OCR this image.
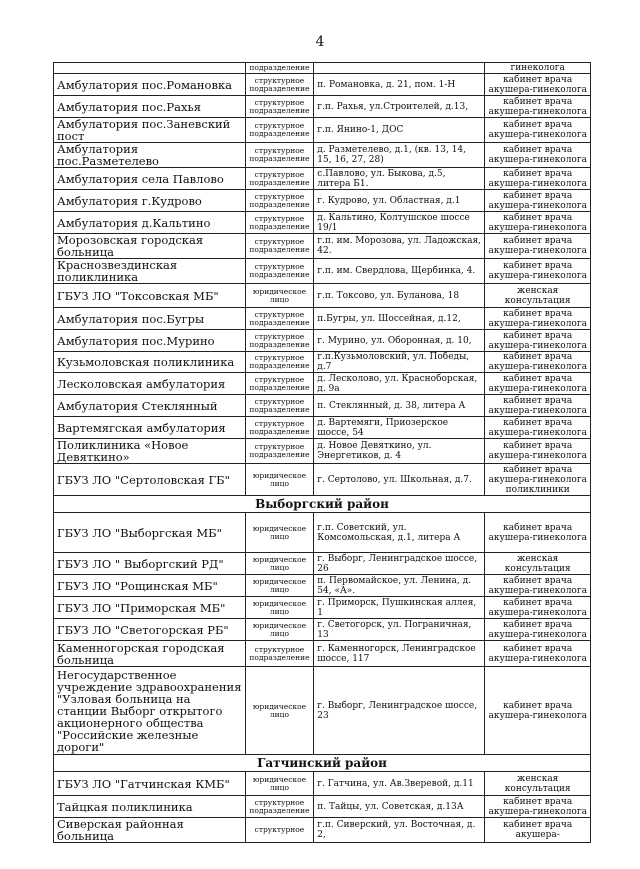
4
	подразделение		гинеколога
Амбулатория пос.Романовка	структурное подразделение	п. Романовка, д. 21, пом. 1-Н	кабинет врача акушера-гинеколога
Амбулатория пос.Рахья	структурное подразделение	г.п. Рахья, ул.Строителей, д.13,	кабинет врача акушера-гинеколога
Амбулатория пос.Заневский пост	структурное подразделение	г.п. Янино-1, ДОС	кабинет врача акушера-гинеколога
Амбулатория пос.Разметелево	структурное подразделение	д. Разметелево, д.1, (кв. 13, 14, 15, 16, 27, 28)	кабинет врача акушера-гинеколога
Амбулатория села Павлово	структурное подразделение	с.Павлово, ул. Быкова, д.5, литера Б1.	кабинет врача акушера-гинеколога
Амбулатория г.Кудрово	структурное подразделение	г. Кудрово, ул. Областная, д.1	кабинет врача акушера-гинеколога
Амбулатория д.Кальтино	структурное подразделение	д. Кальтино, Колтушское шоссе 19/1	кабинет врача акушера-гинеколога
Морозовская городская больница	структурное подразделение	г.п. им. Морозова, ул. Ладожская, 42.	кабинет врача акушера-гинеколога
Краснозвездинская поликлиника	структурное подразделение	г.п. им. Свердлова, Щербинка, 4.	кабинет врача акушера-гинеколога
ГБУЗ ЛО "Токсовская МБ"	юридическое лицо	г.п. Токсово, ул. Буланова, 18	женская консультация
Амбулатория пос.Бугры	структурное подразделение	п.Бугры, ул. Шоссейная, д.12,	кабинет врача акушера-гинеколога
Амбулатория пос.Мурино	структурное подразделение	г. Мурино, ул. Оборонная, д. 10,	кабинет врача акушера-гинеколога
Кузьмоловская поликлиника	структурное подразделение	г.п.Кузьмоловский, ул. Победы, д.7	кабинет врача акушера-гинеколога
Лесколовская амбулатория	структурное подразделение	д. Лесколово, ул. Красноборская, д. 9а	кабинет врача акушера-гинеколога
Амбулатория Стеклянный	структурное подразделение	п. Стеклянный, д. 38, литера А	кабинет врача акушера-гинеколога
Вартемягская амбулатория	структурное подразделение	д. Вартемяги, Приозерское шоссе, 54	кабинет врача акушера-гинеколога
Поликлиника «Новое Девяткино»	структурное подразделение	д. Новое Девяткино, ул. Энергетиков, д. 4	кабинет врача акушера-гинеколога
ГБУЗ ЛО "Сертоловская ГБ"	юридическое лицо	г. Сертолово, ул. Школьная, д.7.	кабинет врача акушера-гинеколога поликлиники
Выборгский район			
ГБУЗ ЛО "Выборгская МБ"	юридическое лицо	г.п. Советский, ул. Комсомольская, д.1, литера А	кабинет врача акушера-гинеколога
ГБУЗ ЛО " Выборгский РД"	юридическое лицо	г. Выборг, Ленинградское шоссе, 26	женская консультация
ГБУЗ ЛО "Рощинская МБ"	юридическое лицо	п. Первомайское, ул. Ленина, д. 54, «А».	кабинет врача акушера-гинеколога
ГБУЗ ЛО "Приморская МБ"	юридическое лицо	г. Приморск, Пушкинская аллея, 1	кабинет врача акушера-гинеколога
ГБУЗ ЛО "Светогорская РБ"	юридическое лицо	г. Светогорск, ул. Пограничная, 13	кабинет врача акушера-гинеколога
Каменногорская городская больница	структурное подразделение	г. Каменногорск, Ленинградское шоссе, 117	кабинет врача акушера-гинеколога
Негосударственное учреждение здравоохранения "Узловая больница на станции Выборг открытого акционерного общества "Российские железные дороги"	юридическое лицо	г. Выборг, Ленинградское шоссе, 23	кабинет врача акушера-гинеколога
Гатчинский район			
ГБУЗ ЛО "Гатчинская КМБ"	юридическое лицо	г. Гатчина, ул. Ав.Зверевой, д.11	женская консультация
Тайцкая поликлиника	структурное подразделение	п. Тайцы, ул. Советская, д.13А	кабинет врача акушера-гинеколога
Сиверская районная больница	структурное	г.п. Сиверский, ул. Восточная, д. 2,	кабинет врача акушера-
